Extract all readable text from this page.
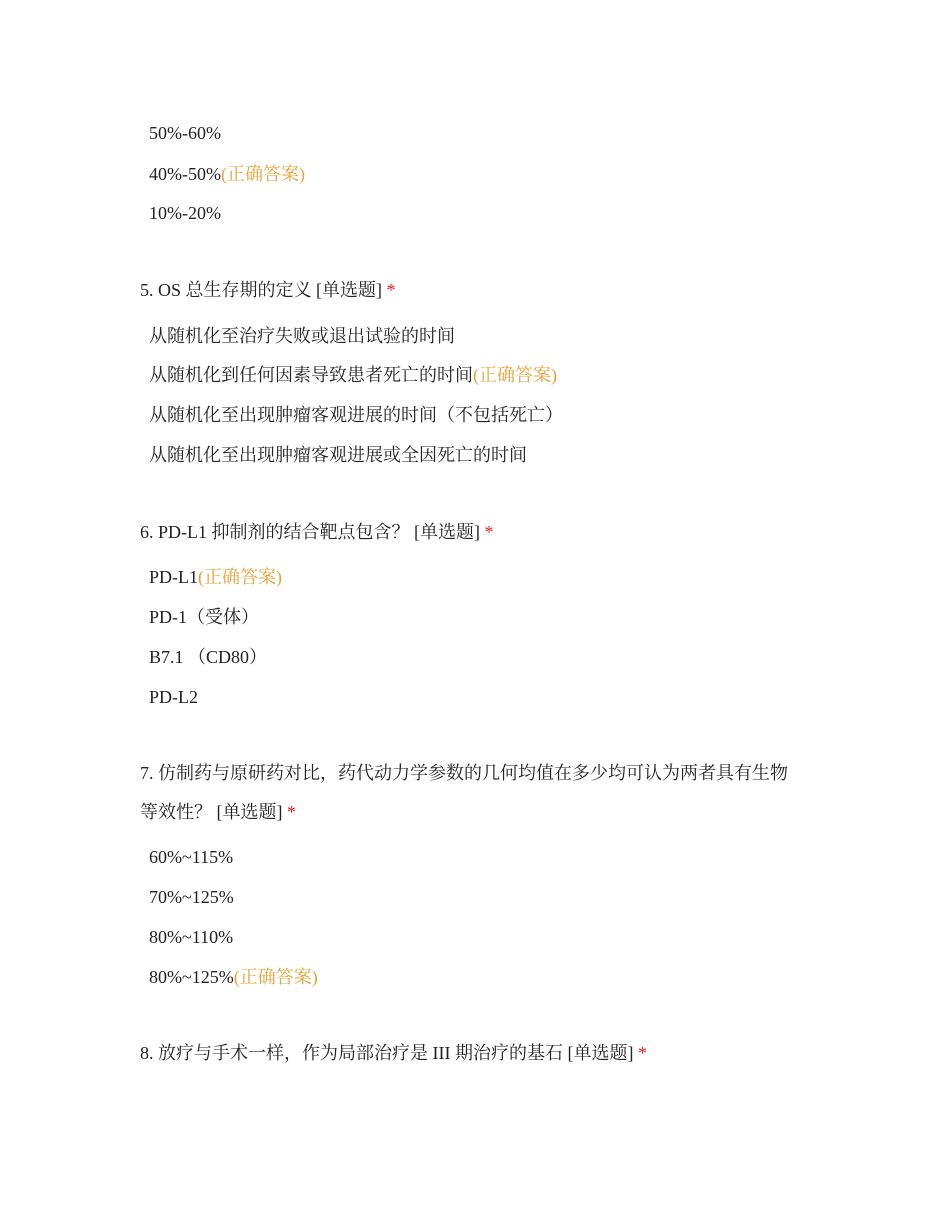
50%-60%
40%-50%(正确答案)
10%-20%
5. OS 总生存期的定义 [单选题] *
从随机化至治疗失败或退出试验的时间
从随机化到任何因素导致患者死亡的时间(正确答案)
从随机化至出现肿瘤客观进展的时间（不包括死亡）
从随机化至出现肿瘤客观进展或全因死亡的时间
6. PD-L1 抑制剂的结合靶点包含？ [单选题] *
PD-L1(正确答案)
PD-1（受体）
B7.1 （CD80）
PD-L2
7. 仿制药与原研药对比，药代动力学参数的几何均值在多少均可认为两者具有生物
等效性？ [单选题] *
60%~115%
70%~125%
80%~110%
80%~125%(正确答案)
8. 放疗与手术一样，作为局部治疗是 III 期治疗的基石 [单选题] *
